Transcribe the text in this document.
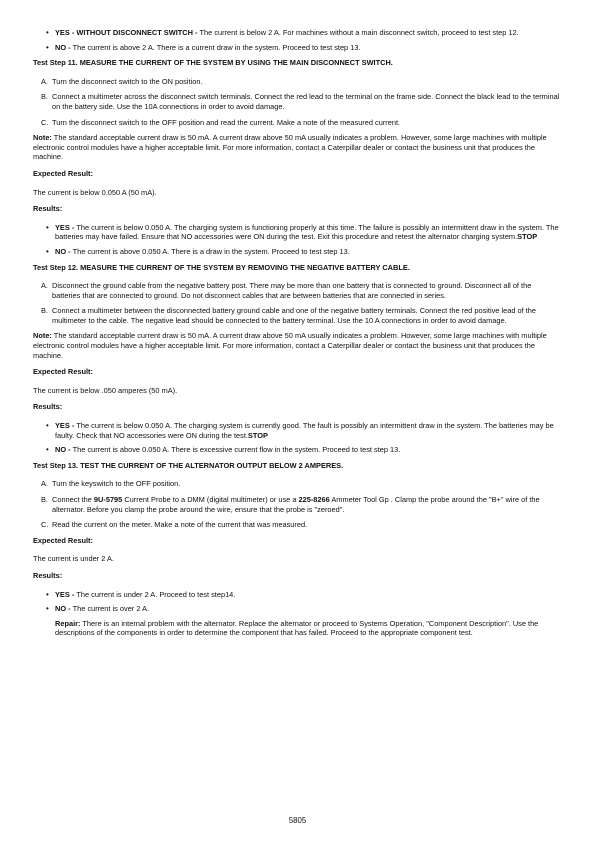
• YES - WITHOUT DISCONNECT SWITCH - The current is below 2 A. For machines without a main disconnect switch, proceed to test step 12.
• NO - The current is above 2 A. There is a current draw in the system. Proceed to test step 13.
Test Step 11. MEASURE THE CURRENT OF THE SYSTEM BY USING THE MAIN DISCONNECT SWITCH.
A. Turn the disconnect switch to the ON position.
B. Connect a multimeter across the disconnect switch terminals. Connect the red lead to the terminal on the frame side. Connect the black lead to the terminal on the battery side. Use the 10A connections in order to avoid damage.
C. Turn the disconnect switch to the OFF position and read the current. Make a note of the measured current.
Note: The standard acceptable current draw is 50 mA. A current draw above 50 mA usually indicates a problem. However, some large machines with multiple electronic control modules have a higher acceptable limit. For more information, contact a Caterpillar dealer or contact the business unit that produces the machine.
Expected Result:
The current is below 0.050 A (50 mA).
Results:
• YES - The current is below 0.050 A. The charging system is functioning properly at this time. The failure is possibly an intermittent draw in the system. The batteries may have failed. Ensure that NO accessories were ON during the test. Exit this procedure and retest the alternator charging system.STOP
• NO - The current is above 0.050 A. There is a draw in the system. Proceed to test step 13.
Test Step 12. MEASURE THE CURRENT OF THE SYSTEM BY REMOVING THE NEGATIVE BATTERY CABLE.
A. Disconnect the ground cable from the negative battery post. There may be more than one battery that is connected to ground. Disconnect all of the batteries that are connected to ground. Do not disconnect cables that are between batteries that are connected in series.
B. Connect a multimeter between the disconnected battery ground cable and one of the negative battery terminals. Connect the red positive lead of the multimeter to the cable. The negative lead should be connected to the battery terminal. Use the 10 A connections in order to avoid damage.
Note: The standard acceptable current draw is 50 mA. A current draw above 50 mA usually indicates a problem. However, some large machines with multiple electronic control modules have a higher acceptable limit. For more information, contact a Caterpillar dealer or contact the business unit that produces the machine.
Expected Result:
The current is below .050 amperes (50 mA).
Results:
• YES - The current is below 0.050 A. The charging system is currently good. The fault is possibly an intermittent draw in the system. The batteries may be faulty. Check that NO accessories were ON during the test.STOP
• NO - The current is above 0.050 A. There is excessive current flow in the system. Proceed to test step 13.
Test Step 13. TEST THE CURRENT OF THE ALTERNATOR OUTPUT BELOW 2 AMPERES.
A. Turn the keyswitch to the OFF position.
B. Connect the 9U-5795 Current Probe to a DMM (digital multimeter) or use a 225-8266 Ammeter Tool Gp . Clamp the probe around the "B+" wire of the alternator. Before you clamp the probe around the wire, ensure that the probe is "zeroed".
C. Read the current on the meter. Make a note of the current that was measured.
Expected Result:
The current is under 2 A.
Results:
• YES - The current is under 2 A. Proceed to test step14.
• NO - The current is over 2 A.
Repair: There is an internal problem with the alternator. Replace the alternator or proceed to Systems Operation, "Component Description". Use the descriptions of the components in order to determine the component that has failed. Proceed to the appropriate component test.
5805
